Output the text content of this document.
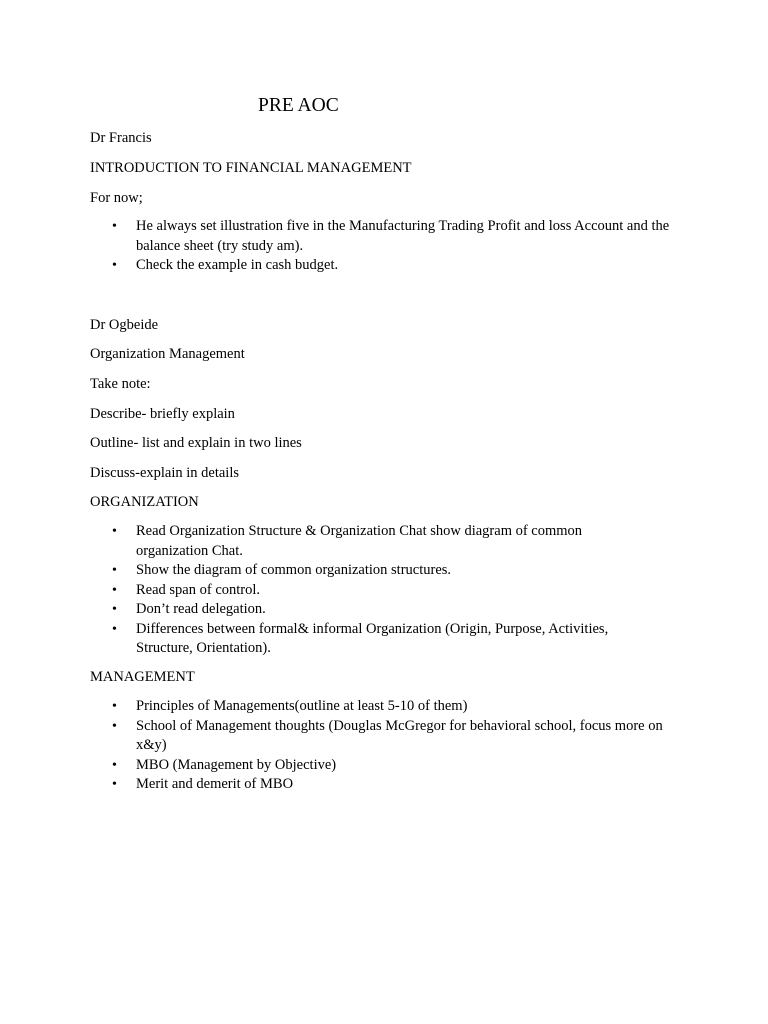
PRE AOC
Dr Francis
INTRODUCTION TO FINANCIAL MANAGEMENT
For now;
• He always set illustration five in the Manufacturing Trading Profit and loss Account and the balance sheet (try study am).
• Check the example in cash budget.
Dr Ogbeide
Organization Management
Take note:
Describe- briefly explain
Outline- list and explain in two lines
Discuss-explain in details
ORGANIZATION
• Read Organization Structure & Organization Chat show diagram of common organization Chat.
• Show the diagram of common organization structures.
• Read span of control.
• Don’t read delegation.
• Differences between formal& informal Organization (Origin, Purpose, Activities, Structure, Orientation).
MANAGEMENT
• Principles of Managements(outline at least 5-10 of them)
• School of Management thoughts (Douglas McGregor for behavioral school, focus more on x&y)
• MBO (Management by Objective)
• Merit and demerit of MBO
